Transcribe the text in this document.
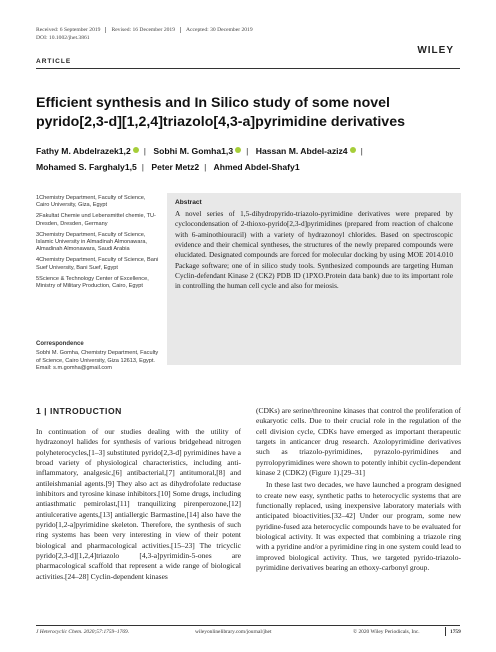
Received: 6 September 2019 Revised: 16 December 2019 Accepted: 30 December 2019
DOI: 10.1002/jhet.3861
WILEY
ARTICLE
Efficient synthesis and In Silico study of some novel
pyrido[2,3-d][1,2,4]triazolo[4,3-a]pyrimidine derivatives
Fathy M. Abdelrazek1,2 | Sobhi M. Gomha1,3 | Hassan M. Abdel-aziz4 |
Mohamed S. Farghaly1,5 | Peter Metz2 | Ahmed Abdel-Shafy1

1Chemistry Department, Faculty of Science, Cairo University, Giza, Egypt

2Fakultat Chemie und Lebensmittel chemie, TU-Dresden, Dresden, Germany

3Chemistry Department, Faculty of Science, Islamic University in Almadinah Almonawara, Almadinah Almonawara, Saudi Arabia

4Chemistry Department, Faculty of Science, Bani Suef University, Bani Suef, Egypt

5Science & Technology Center of Excellence, Ministry of Military Production, Cairo, Egypt

Correspondence
Sobhi M. Gomha, Chemistry Department, Faculty of Science, Cairo University, Giza 12613, Egypt.
Email: s.m.gomha@gmail.com
Abstract
A novel series of 1,5-dihydropyrido-triazolo-pyrimidine derivatives were prepared by cyclocondensation of 2-thioxo-pyrido[2,3-d]pyrimidines (prepared from reaction of chalcone with 6-aminothiouracil) with a variety of hydrazonoyl chlorides. Based on spectroscopic evidence and their chemical syntheses, the structures of the newly prepared compounds were elucidated. Designated compounds are forced for molecular docking by using MOE 2014.010 Package software; one of in silico study tools. Synthesized compounds are targeting Human Cyclin-defendant Kinase 2 (CK2) PDB ID (1PXO.Protein data bank) due to its important role in controlling the human cell cycle and also for meiosis.
1 | INTRODUCTION
In continuation of our studies dealing with the utility of hydrazonoyl halides for synthesis of various bridgehead nitrogen polyheterocycles,[1–3] substituted pyrido[2,3-d] pyrimidines have a broad variety of physiological characteristics, including anti-inflammatory, analgesic,[6] antibacterial,[7] antitumoral,[8] and antileishmanial agents.[9] They also act as dihydrofolate reductase inhibitors and tyrosine kinase inhibitors.[10] Some drugs, including antiasthmatic pemirolast,[11] tranquilizing pirenperozone,[12] antiulcerative agents,[13] antiallergic Barmastine,[14] also have the pyrido[1,2-a]pyrimidine skeleton. Therefore, the synthesis of such ring systems has been very interesting in view of their potent biological and pharmacological activities.[15–23] The tricyclic pyrido[2,3-d][1,2,4]triazolo [4,3-a]pyrimidin-5-ones are pharmacological scaffold that represent a wide range of biological activities.[24–28] Cyclin-dependent kinases
(CDKs) are serine/threonine kinases that control the proliferation of eukaryotic cells. Due to their crucial role in the regulation of the cell division cycle, CDKs have emerged as important therapeutic targets in anticancer drug research. Azolopyrimidine derivatives such as triazolo-pyrimidines, pyrazolo-pyrimidines and pyrrolopyrimidines were shown to potently inhibit cyclin-dependent kinase 2 (CDK2) (Figure 1).[29–31]
In these last two decades, we have launched a program designed to create new easy, synthetic paths to heterocyclic systems that are functionally replaced, using inexpensive laboratory materials with anticipated bioactivities.[32–42] Under our program, some new pyridine-fused aza heterocyclic compounds have to be evaluated for biological activity. It was expected that combining a triazole ring with a pyridine and/or a pyrimidine ring in one system could lead to improved biological activity. Thus, we targeted pyrido-triazolo-pyrimidine derivatives bearing an ethoxy-carbonyl group.
J Heterocyclic Chem. 2020;57:1759–1769.	wileyonlinelibrary.com/journal/jhet	© 2020 Wiley Periodicals, Inc.	1759
